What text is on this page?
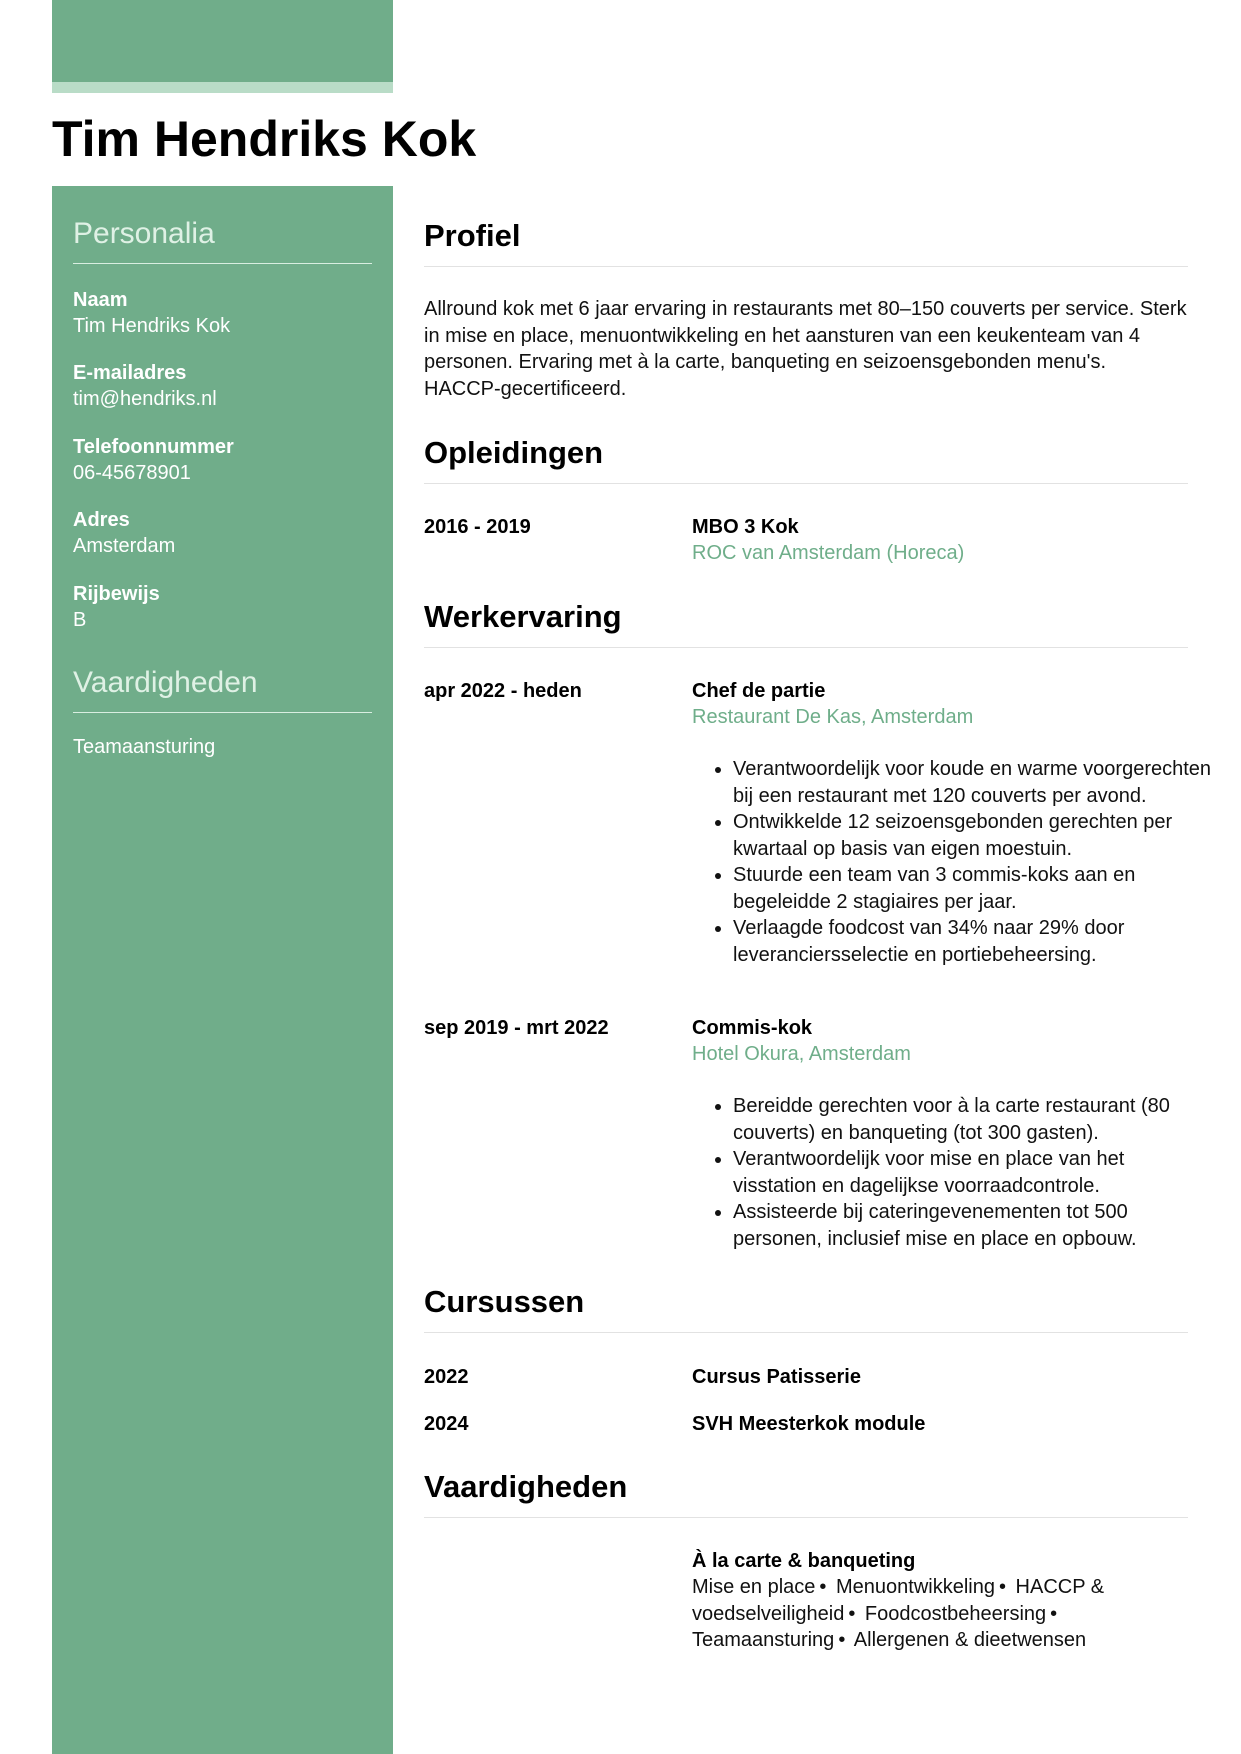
Tim Hendriks Kok
Personalia
Naam
Tim Hendriks Kok
E-mailadres
tim@hendriks.nl
Telefoonnummer
06-45678901
Adres
Amsterdam
Rijbewijs
B
Vaardigheden
Teamaansturing
Profiel
Allround kok met 6 jaar ervaring in restaurants met 80–150 couverts per service. Sterk in mise en place, menuontwikkeling en het aansturen van een keukenteam van 4 personen. Ervaring met à la carte, banqueting en seizoensgebonden menu's. HACCP-gecertificeerd.
Opleidingen
2016 - 2019	MBO 3 Kok
ROC van Amsterdam (Horeca)
Werkervaring
apr 2022 - heden	Chef de partie
Restaurant De Kas, Amsterdam
• Verantwoordelijk voor koude en warme voorgerechten bij een restaurant met 120 couverts per avond.
• Ontwikkelde 12 seizoensgebonden gerechten per kwartaal op basis van eigen moestuin.
• Stuurde een team van 3 commis-koks aan en begeleidde 2 stagiaires per jaar.
• Verlaagde foodcost van 34% naar 29% door leveranciersselectie en portiebeheersing.
sep 2019 - mrt 2022	Commis-kok
Hotel Okura, Amsterdam
• Bereidde gerechten voor à la carte restaurant (80 couverts) en banqueting (tot 300 gasten).
• Verantwoordelijk voor mise en place van het visstation en dagelijkse voorraadcontrole.
• Assisteerde bij cateringevenementen tot 500 personen, inclusief mise en place en opbouw.
Cursussen
2022	Cursus Patisserie
2024	SVH Meesterkok module
Vaardigheden
À la carte & banqueting
Mise en place • Menuontwikkeling • HACCP & voedselveiligheid • Foodcostbeheersing • Teamaansturing • Allergenen & dieetwensen
